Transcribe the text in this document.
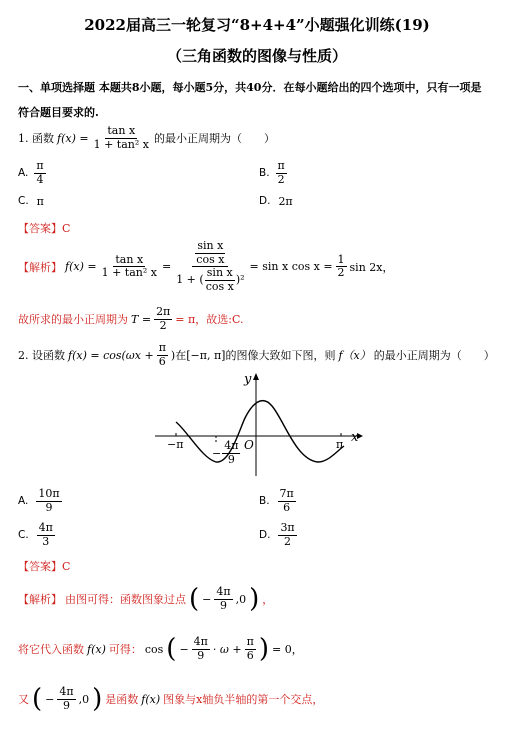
2022届高三一轮复习“8+4+4”小题强化训练(19)
（三角函数的图像与性质）
一、单项选择题 本题共8小题，每小题5分，共40分．在每小题给出的四个选项中，只有一项是
符合题目要求的.
1. 函数 $f(x) = \frac{\text{tan x}}{\text{1 + tan² x}}$ 的最小正周期为（　　）
A. $\frac{\pi}{4}$	B. $\frac{\pi}{2}$
C. π	D. 2π
【答案】C
【解析】 $f(x) = \frac{\text{tan x}}{\text{1 + tan² x}} = \frac{\frac{\text{sin x}}{\text{cos x}}}{1 + ( \frac{\text{sin x}}{\text{cos x}} )^2} = \sin x$ $\cos x = \frac{1}{2}$ sin 2x，
故所求的最小正周期为 $T = \frac{2\pi}{2} = \pi$，故选:C.
2. 设函数 $f(x) = \cos(\omega x + \frac{\pi}{6}$ )在[−π, π]的图像大致如下图，则 f（x） 的最小正周期为（　　）
y
x
O
−π	π
− $\frac{4\pi}{9}$
A. $\frac{10\pi}{9}$	B. $\frac{7\pi}{6}$
C. $\frac{4\pi}{3}$	D. $\frac{3\pi}{2}$
【答案】C
【解析】 由图可得：函数图象过点 ( − $\frac{4\pi}{9} ,0$ ) ，
将它代入函数 f(x) 可得： cos ( − $\frac{4\pi}{9} \cdot \omega + \frac{\pi}{6}$ ) = 0，
又 ( − $\frac{4\pi}{9} ,0$ ) 是函数 f(x) 图象与x轴负半轴的第一个交点，
